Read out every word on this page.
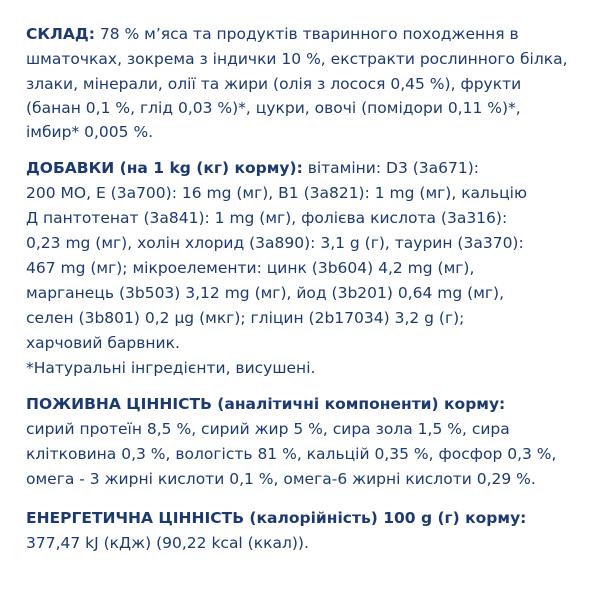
СКЛАД: 78 % м’яса та продуктів тваринного походження в
шматочках, зокрема з індички 10 %, екстракти рослинного білка,
злаки, мінерали, олії та жири (олія з лосося 0,45 %), фрукти
(банан 0,1 %, глід 0,03 %)*, цукри, овочі (помідори 0,11 %)*,
імбир* 0,005 %.
ДОБАВКИ (на 1 kg (кг) корму): вітаміни: D3 (3a671):
200 МО, Е (3a700): 16 mg (мг), В1 (3a821): 1 mg (мг), кальцію
Д пантотенат (3a841): 1 mg (мг), фолієва кислота (3a316):
0,23 mg (мг), холін хлорид (3a890): 3,1 g (г), таурин (3a370):
467 mg (мг); мікроелементи: цинк (3b604) 4,2 mg (мг),
марганець (3b503) 3,12 mg (мг), йод (3b201) 0,64 mg (мг),
селен (3b801) 0,2 µg (мкг); гліцин (2b17034) 3,2 g (г);
харчовий барвник.
*Натуральні інгредієнти, висушені.
ПОЖИВНА ЦІННІСТЬ (аналітичні компоненти) корму:
сирий протеїн 8,5 %, сирий жир 5 %, сира зола 1,5 %, сира
клітковина 0,3 %, вологість 81 %, кальцій 0,35 %, фосфор 0,3 %,
омега - 3 жирні кислоти 0,1 %, омега-6 жирні кислоти 0,29 %.
ЕНЕРГЕТИЧНА ЦІННІСТЬ (калорійність) 100 g (г) корму:
377,47 kJ (кДж) (90,22 kcal (ккал)).
